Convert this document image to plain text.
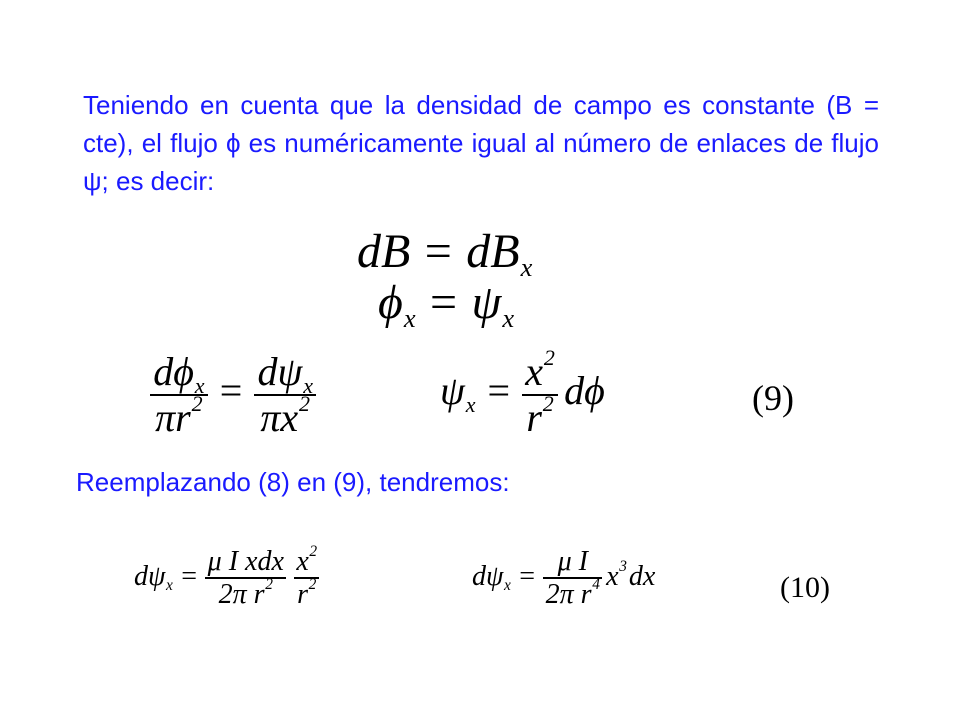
Teniendo en cuenta que la densidad de campo es constante (B = cte), el flujo ϕ es numéricamente igual al número de enlaces de flujo ψ; es decir:
dB = dBx
ϕx = ψx
$\frac{\text{dϕx}}{\pi r^2} = \frac{\text{dψx}}{\pi x^2}$	$\psi x = \frac{x^2}{r^2}$ dϕ	(9)
Reemplazando (8) en (9), tendremos:
$d\psi x = \frac{\text{μ I xdx}}{2\pi r^2} \frac{x^2}{r^2}$	$d\psi x = \frac{\text{μ I}}{2\pi r^4} x^3dx$	(10)
